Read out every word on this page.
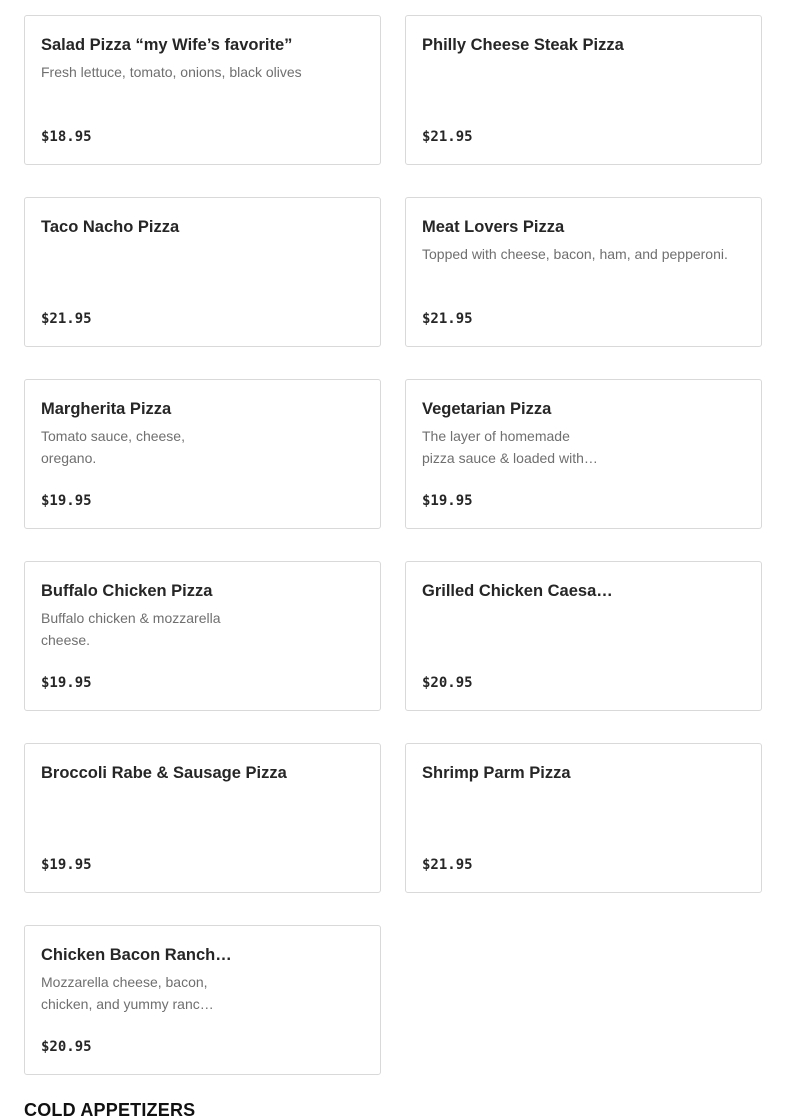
Salad Pizza “my Wife’s favorite”
Fresh lettuce, tomato, onions, black olives
$18.95
Philly Cheese Steak Pizza
$21.95
Taco Nacho Pizza
$21.95
Meat Lovers Pizza
Topped with cheese, bacon, ham, and pepperoni.
$21.95
Margherita Pizza
Tomato sauce, cheese, oregano.
$19.95
Vegetarian Pizza
The layer of homemade pizza sauce & loaded with…
$19.95
Buffalo Chicken Pizza
Buffalo chicken & mozzarella cheese.
$19.95
Grilled Chicken Caesa…
$20.95
Broccoli Rabe & Sausage Pizza
$19.95
Shrimp Parm Pizza
$21.95
Chicken Bacon Ranch…
Mozzarella cheese, bacon, chicken, and yummy ranc…
$20.95
COLD APPETIZERS
